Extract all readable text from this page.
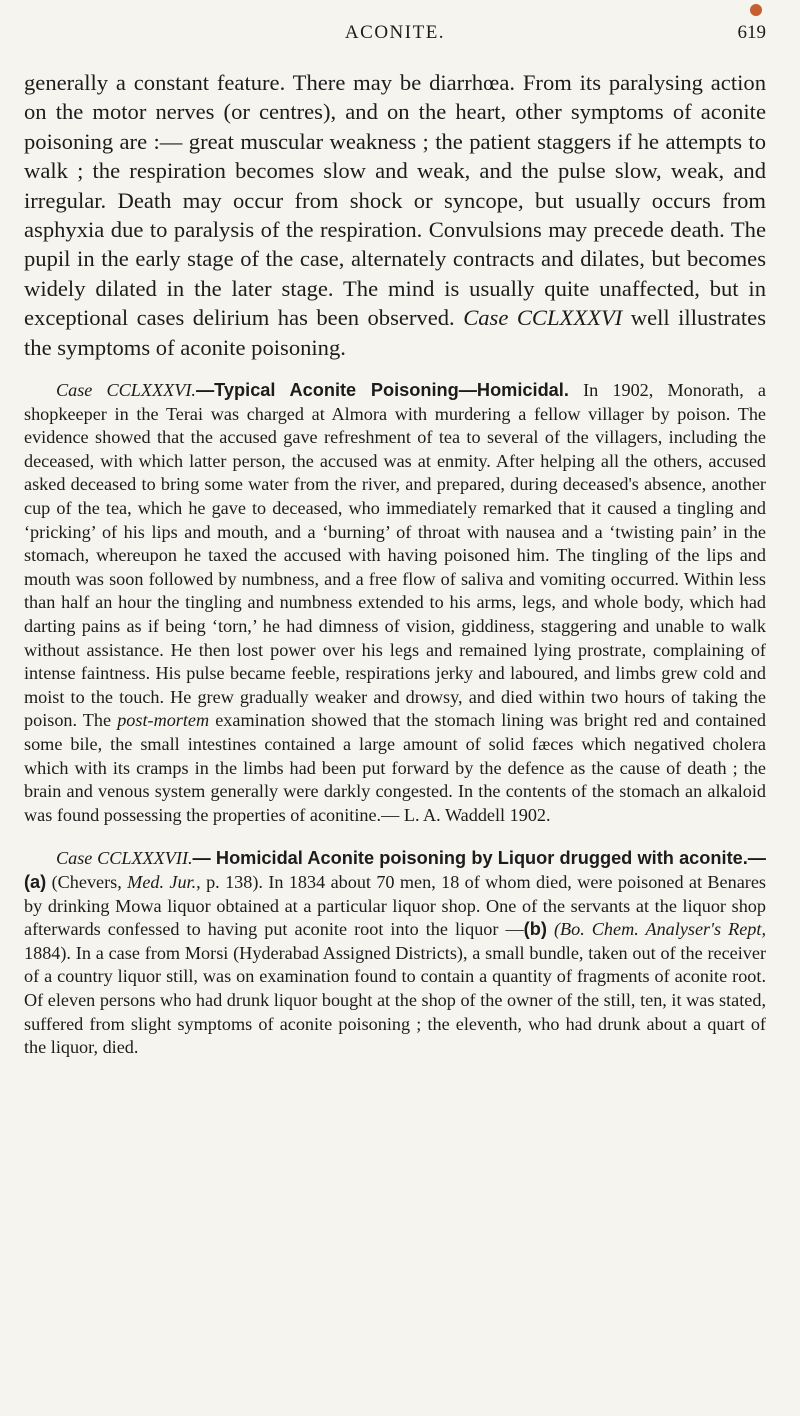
ACONITE.	619

generally a constant feature. There may be diarrhœa. From its paralysing action on the motor nerves (or centres), and on the heart, other symptoms of aconite poisoning are :— great muscular weakness ; the patient staggers if he attempts to walk ; the respiration becomes slow and weak, and the pulse slow, weak, and irregular. Death may occur from shock or syncope, but usually occurs from asphyxia due to paralysis of the respiration. Convulsions may precede death. The pupil in the early stage of the case, alternately contracts and dilates, but becomes widely dilated in the later stage. The mind is usually quite unaffected, but in exceptional cases delirium has been observed. Case CCLXXXVI well illustrates the symptoms of aconite poisoning.

Case CCLXXXVI.—Typical Aconite Poisoning—Homicidal. In 1902, Monorath, a shopkeeper in the Terai was charged at Almora with murdering a fellow villager by poison. The evidence showed that the accused gave refreshment of tea to several of the villagers, including the deceased, with which latter person, the accused was at enmity. After helping all the others, accused asked deceased to bring some water from the river, and prepared, during deceased's absence, another cup of the tea, which he gave to deceased, who immediately remarked that it caused a tingling and ‘pricking’ of his lips and mouth, and a ‘burning’ of throat with nausea and a ‘twisting pain’ in the stomach, whereupon he taxed the accused with having poisoned him. The tingling of the lips and mouth was soon followed by numbness, and a free flow of saliva and vomiting occurred. Within less than half an hour the tingling and numbness extended to his arms, legs, and whole body, which had darting pains as if being ‘torn,’ he had dimness of vision, giddiness, staggering and unable to walk without assistance. He then lost power over his legs and remained lying prostrate, complaining of intense faintness. His pulse became feeble, respirations jerky and laboured, and limbs grew cold and moist to the touch. He grew gradually weaker and drowsy, and died within two hours of taking the poison. The post-mortem examination showed that the stomach lining was bright red and contained some bile, the small intestines contained a large amount of solid fæces which negatived cholera which with its cramps in the limbs had been put forward by the defence as the cause of death ; the brain and venous system generally were darkly congested. In the contents of the stomach an alkaloid was found possessing the properties of aconitine.— L. A. Waddell 1902.

Case CCLXXXVII.— Homicidal Aconite poisoning by Liquor drugged with aconite.—(a) (Chevers, Med. Jur., p. 138). In 1834 about 70 men, 18 of whom died, were poisoned at Benares by drinking Mowa liquor obtained at a particular liquor shop. One of the servants at the liquor shop afterwards confessed to having put aconite root into the liquor —(b) (Bo. Chem. Analyser's Rept, 1884). In a case from Morsi (Hyderabad Assigned Districts), a small bundle, taken out of the receiver of a country liquor still, was on examination found to contain a quantity of fragments of aconite root. Of eleven persons who had drunk liquor bought at the shop of the owner of the still, ten, it was stated, suffered from slight symptoms of aconite poisoning ; the eleventh, who had drunk about a quart of the liquor, died.
